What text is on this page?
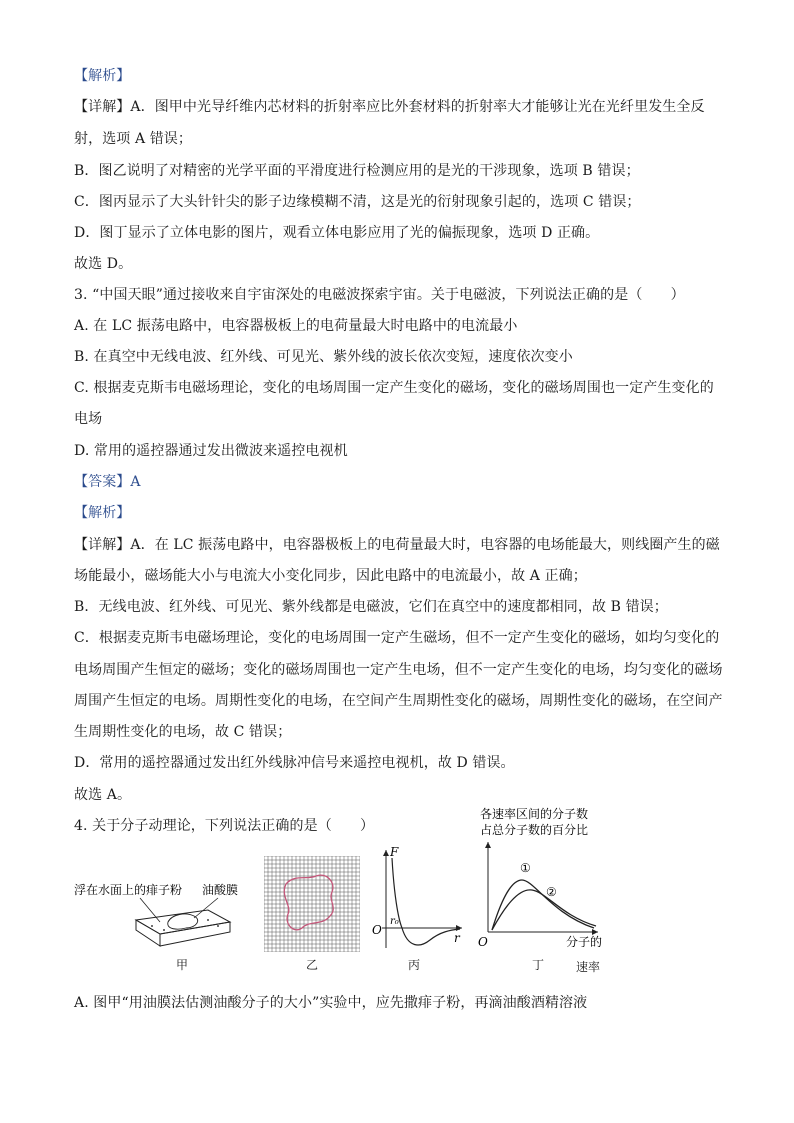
【解析】
【详解】A．图甲中光导纤维内芯材料的折射率应比外套材料的折射率大才能够让光在光纤里发生全反
射，选项 A 错误；
B．图乙说明了对精密的光学平面的平滑度进行检测应用的是光的干涉现象，选项 B 错误；
C．图丙显示了大头针针尖的影子边缘模糊不清，这是光的衍射现象引起的，选项 C 错误；
D．图丁显示了立体电影的图片，观看立体电影应用了光的偏振现象，选项 D 正确。
故选 D。
3. “中国天眼”通过接收来自宇宙深处的电磁波探索宇宙。关于电磁波，下列说法正确的是（　　）
A. 在 LC 振荡电路中，电容器极板上的电荷量最大时电路中的电流最小
B. 在真空中无线电波、红外线、可见光、紫外线的波长依次变短，速度依次变小
C. 根据麦克斯韦电磁场理论，变化的电场周围一定产生变化的磁场，变化的磁场周围也一定产生变化的
电场
D. 常用的遥控器通过发出微波来遥控电视机
【答案】A
【解析】
【详解】A．在 LC 振荡电路中，电容器极板上的电荷量最大时，电容器的电场能最大，则线圈产生的磁
场能最小，磁场能大小与电流大小变化同步，因此电路中的电流最小，故 A 正确；
B．无线电波、红外线、可见光、紫外线都是电磁波，它们在真空中的速度都相同，故 B 错误；
C．根据麦克斯韦电磁场理论，变化的电场周围一定产生磁场，但不一定产生变化的磁场，如均匀变化的
电场周围产生恒定的磁场；变化的磁场周围也一定产生电场，但不一定产生变化的电场，均匀变化的磁场
周围产生恒定的电场。周期性变化的电场，在空间产生周期性变化的磁场，周期性变化的磁场，在空间产
生周期性变化的电场，故 C 错误；
D．常用的遥控器通过发出红外线脉冲信号来遥控电视机，故 D 错误。
故选 A。
4. 关于分子动理论，下列说法正确的是（　　）
浮在水面上的痱子粉 油酸膜
甲	乙
F
r
O
r₀
丙
各速率区间的分子数
占总分子数的百分比
O	分子的
①
②
丁	速率
A. 图甲“用油膜法估测油酸分子的大小”实验中，应先撒痱子粉，再滴油酸酒精溶液
